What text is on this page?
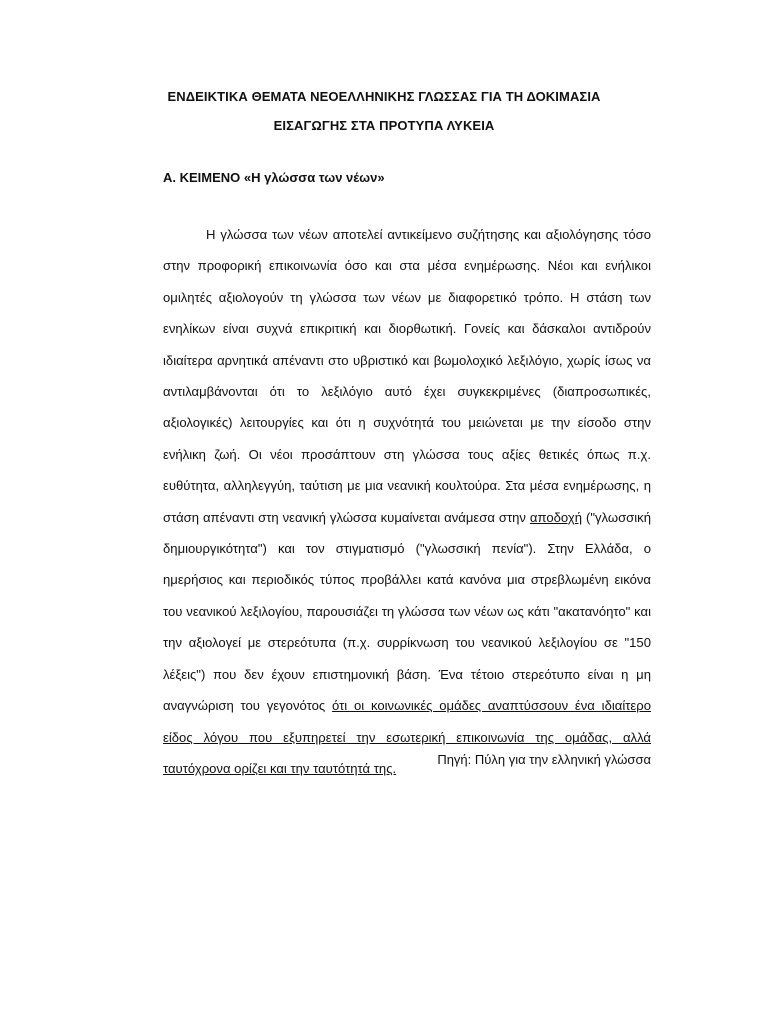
ΕΝΔΕΙΚΤΙΚΑ ΘΕΜΑΤΑ ΝΕΟΕΛΛΗΝΙΚΗΣ ΓΛΩΣΣΑΣ ΓΙΑ ΤΗ ΔΟΚΙΜΑΣΙΑ
ΕΙΣΑΓΩΓΗΣ ΣΤΑ ΠΡΟΤΥΠΑ ΛΥΚΕΙΑ
Α. ΚΕΙΜΕΝΟ «Η γλώσσα των νέων»

Η γλώσσα των νέων αποτελεί αντικείμενο συζήτησης και αξιολόγησης τόσο στην προφορική επικοινωνία όσο και στα μέσα ενημέρωσης. Νέοι και ενήλικοι ομιλητές αξιολογούν τη γλώσσα των νέων με διαφορετικό τρόπο. Η στάση των ενηλίκων είναι συχνά επικριτική και διορθωτική. Γονείς και δάσκαλοι αντιδρούν ιδιαίτερα αρνητικά απέναντι στο υβριστικό και βωμολοχικό λεξιλόγιο, χωρίς ίσως να αντιλαμβάνονται ότι το λεξιλόγιο αυτό έχει συγκεκριμένες (διαπροσωπικές, αξιολογικές) λειτουργίες και ότι η συχνότητά του μειώνεται με την είσοδο στην ενήλικη ζωή. Οι νέοι προσάπτουν στη γλώσσα τους αξίες θετικές όπως π.χ. ευθύτητα, αλληλεγγύη, ταύτιση με μια νεανική κουλτούρα. Στα μέσα ενημέρωσης, η στάση απέναντι στη νεανική γλώσσα κυμαίνεται ανάμεσα στην αποδοχή ("γλωσσική δημιουργικότητα") και τον στιγματισμό ("γλωσσική πενία"). Στην Ελλάδα, ο ημερήσιος και περιοδικός τύπος προβάλλει κατά κανόνα μια στρεβλωμένη εικόνα του νεανικού λεξιλογίου, παρουσιάζει τη γλώσσα των νέων ως κάτι "ακατανόητο" και την αξιολογεί με στερεότυπα (π.χ. συρρίκνωση του νεανικού λεξιλογίου σε "150 λέξεις") που δεν έχουν επιστημονική βάση. Ένα τέτοιο στερεότυπο είναι η μη αναγνώριση του γεγονότος ότι οι κοινωνικές ομάδες αναπτύσσουν ένα ιδιαίτερο είδος λόγου που εξυπηρετεί την εσωτερική επικοινωνία της ομάδας, αλλά ταυτόχρονα ορίζει και την ταυτότητά της.

Πηγή: Πύλη για την ελληνική γλώσσα
